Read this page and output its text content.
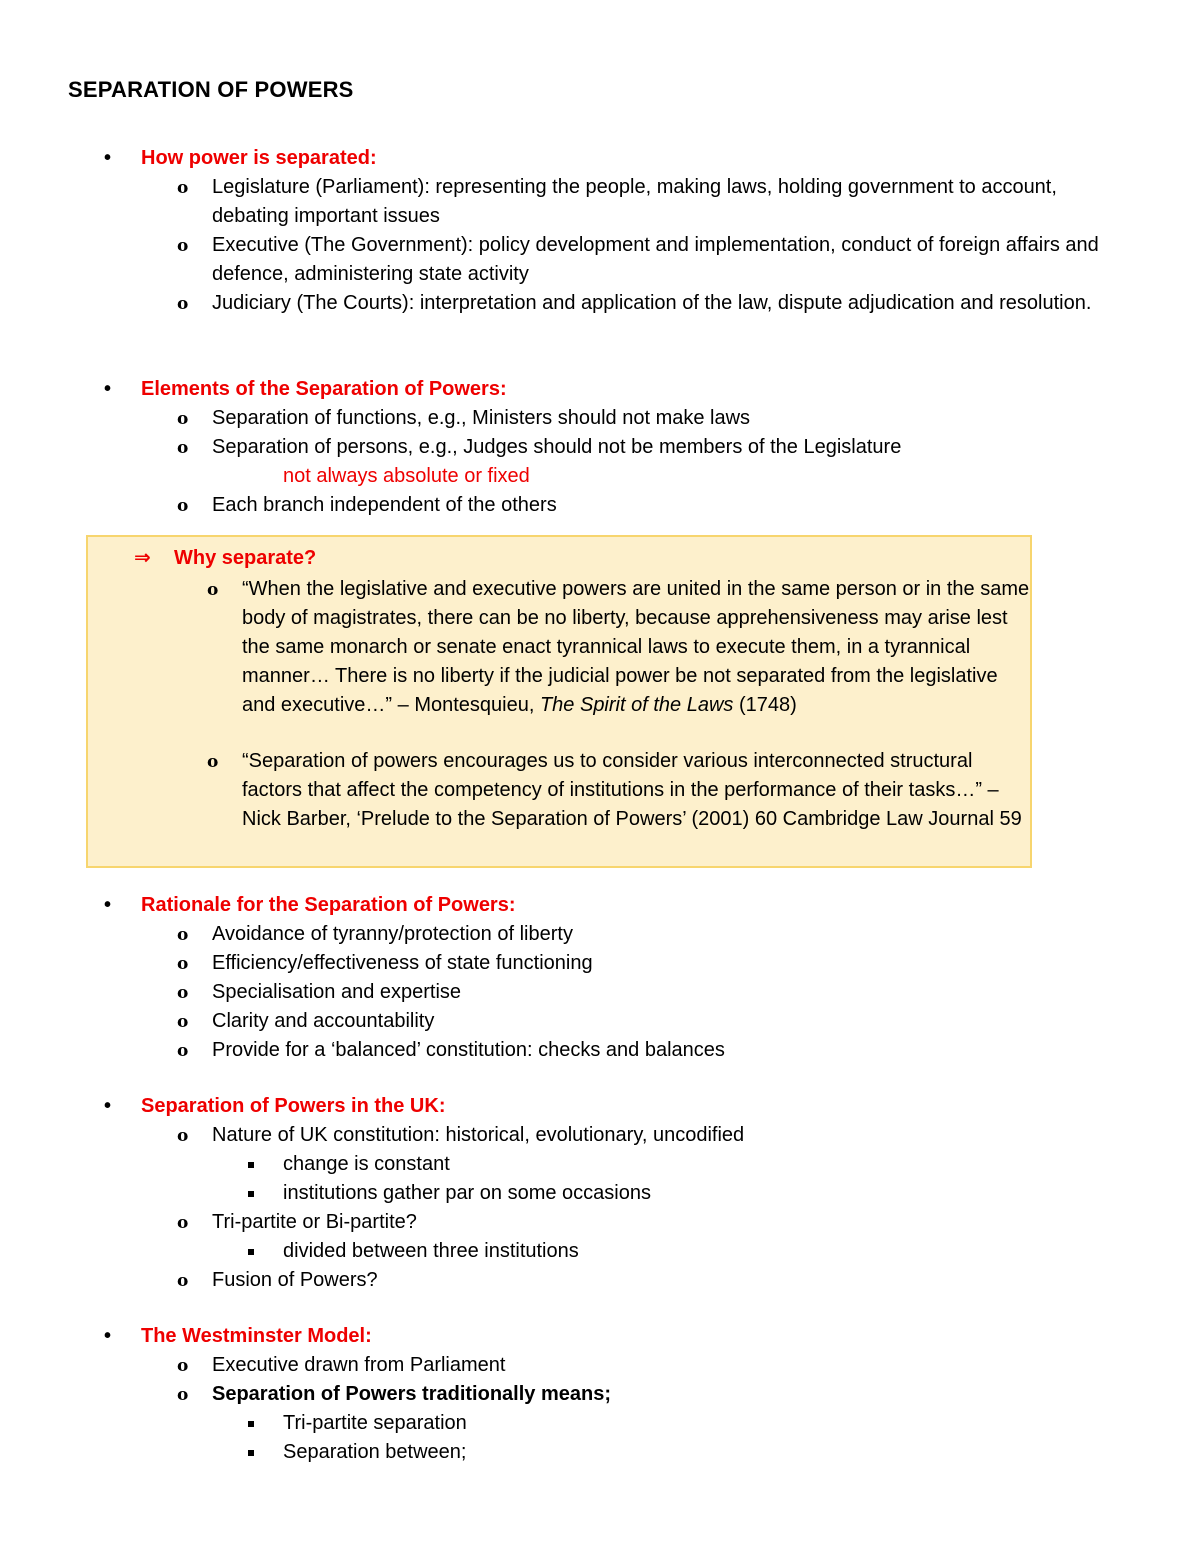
SEPARATION OF POWERS
• How power is separated:
o Legislature (Parliament): representing the people, making laws, holding government to account, debating important issues
o Executive (The Government): policy development and implementation, conduct of foreign affairs and defence, administering state activity
o Judiciary (The Courts): interpretation and application of the law, dispute adjudication and resolution.
• Elements of the Separation of Powers:
o Separation of functions, e.g., Ministers should not make laws
o Separation of persons, e.g., Judges should not be members of the Legislature
not always absolute or fixed
o Each branch independent of the others
⇒ Why separate?
o “When the legislative and executive powers are united in the same person or in the same body of magistrates, there can be no liberty, because apprehensiveness may arise lest the same monarch or senate enact tyrannical laws to execute them, in a tyrannical manner… There is no liberty if the judicial power be not separated from the legislative and executive…” – Montesquieu, The Spirit of the Laws (1748)
o “Separation of powers encourages us to consider various interconnected structural factors that affect the competency of institutions in the performance of their tasks…” – Nick Barber, ‘Prelude to the Separation of Powers’ (2001) 60 Cambridge Law Journal 59
• Rationale for the Separation of Powers:
o Avoidance of tyranny/protection of liberty
o Efficiency/effectiveness of state functioning
o Specialisation and expertise
o Clarity and accountability
o Provide for a ‘balanced’ constitution: checks and balances
• Separation of Powers in the UK:
o Nature of UK constitution: historical, evolutionary, uncodified
change is constant
institutions gather par on some occasions
o Tri-partite or Bi-partite?
divided between three institutions
o Fusion of Powers?
• The Westminster Model:
o Executive drawn from Parliament
o Separation of Powers traditionally means;
Tri-partite separation
Separation between;
